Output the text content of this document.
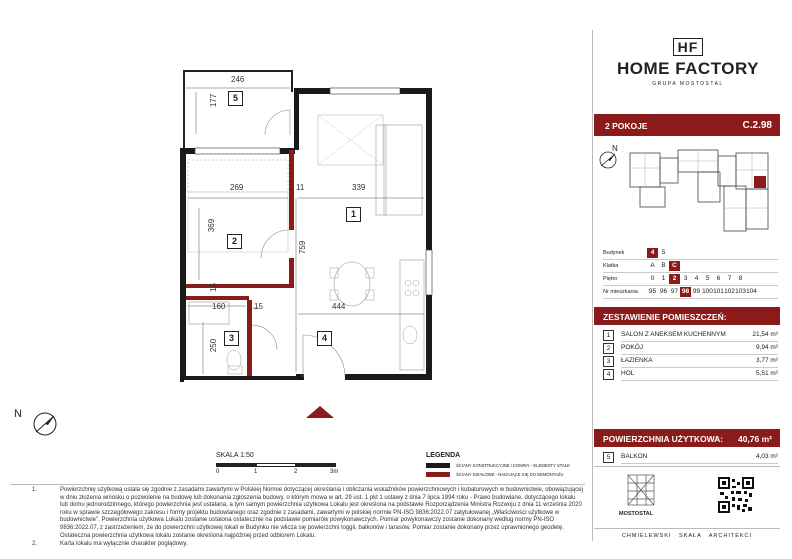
246
177
269	11	339
369
759
15
160	15	444
250
1
2
3	4
5
N
SKALA 1:50
0	1	2	3m
LEGENDA
ŚCIANY KONSTRUKCYJNE / KOMINY - ELEMENTY STAŁE
ŚCIANY DZIAŁOWE - NADAJĄCE SIĘ DO DEMONTAŻU
1.	Powierzchnię użytkową ustala się zgodnie z zasadami zawartymi w Polskiej Normie dotyczącej określania i obliczania wskaźników powierzchniowych i kubaturowych w budownictwie, obowiązującej w dniu złożenia wniosku o pozwolenie na budowę lub dokonania zgłoszenia budowy, o którym mowa w art. 29 ust. 1 pkt 1 ustawy z dnia 7 lipca 1994 roku - Prawo budowlane, dotyczącego lokalu lub domu jednorodzinnego, którego powierzchnia jest ustalana, a tym samym powierzchnia użytkowa Lokalu jest określona na podstawie Rozporządzenia Ministra Rozwoju z dnia 11 września 2020 roku w sprawie szczegółowego zakresu i formy projektu budowlanego oraz zgodnie z zasadami, zawartymi w polskiej normie PN-ISO 9836:2022.07 zatytułowanej „Właściwości użytkowe w budownictwie". Powierzchnia użytkowa Lokalu zostanie ustalona ostatecznie na podstawie pomiarów powykonawczych. Pomiar powykonawczy zostanie dokonany według normy PN-ISO 9836:2022.07, z zastrzeżeniem, że do powierzchni użytkowej lokali w Budynku nie wlicza się powierzchni loggii, balkonów i tarasów. Pomiar zostanie dokonany przez uprawnionego geodetę. Ostateczna powierzchnia użytkowa lokalu zostanie określona najpóźniej przed odbiorem Lokalu.
2.	Karta lokalu ma wyłącznie charakter poglądowy.
HF
HOME FACTORY
GRUPA MOSTOSTAL
2 POKOJE	C.2.98
N
Budynek	4 5
Klatka	A B C
Piętro	0 1 2 3 4 5 6 7 8
Nr mieszkania 95 96 97 98 99 100101102103104
ZESTAWIENIE POMIESZCZEŃ:
1	SALON Z ANEKSEM KUCHENNYM	21,54 m²
2	POKÓJ	9,94 m²
3	ŁAZIENKA	3,77 m²
4	HOL	5,51 m²
POWIERZCHNIA UŻYTKOWA: 40,76 m²
5	BALKON	4,03 m²
MOSTOSTAL
CHMIELEWSKI   SKAŁA   ARCHITEKCI
